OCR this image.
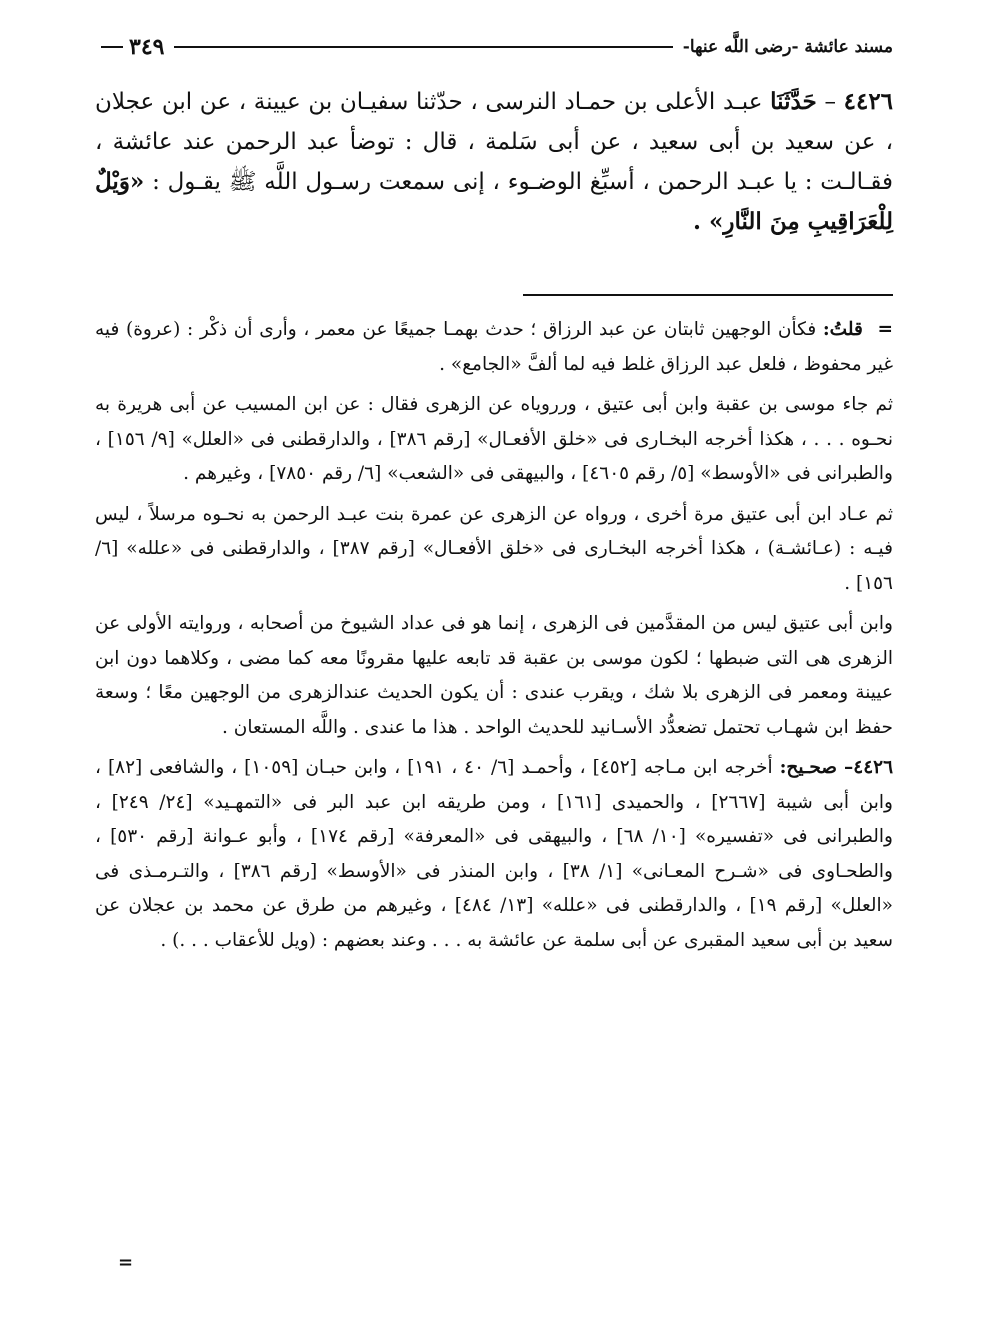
مسند عائشة -رضى اللَّه عنها-
٣٤٩
٤٤٢٦ – حَدَّثَنَا عبـد الأعلى بن حمـاد النرسى ، حدّثنا سفيـان بن عيينة ، عن ابن عجلان ، عن سعيد بن أبى سعيد ، عن أبى سَلمة ، قال : توضأ عبد الرحمن عند عائشة ، فقـالـت : يا عبـد الرحمن ، أسبِّغ الوضـوء ، إنى سمعت رسـول اللَّه ﷺ يقـول : «وَيْلٌ لِلْعَرَاقِيبِ مِنَ النَّارِ» .

= قلتُ: فكأن الوجهين ثابتان عن عبد الرزاق ؛ حدث بهمـا جميعًا عن معمر ، وأرى أن ذكْر : (عروة) فيه غير محفوظ ، فلعل عبد الرزاق غلط فيه لما ألفَّ «الجامع» .

ثم جاء موسى بن عقبة وابن أبى عتيق ، ورروياه عن الزهرى فقال : عن ابن المسيب عن أبى هريرة به نحـوه . . . ، هكذا أخرجه البخـارى فى «خلق الأفعـال» [رقم ٣٨٦] ، والدارقطنى فى «العلل» [٩/ ١٥٦] ، والطبرانى فى «الأوسط» [٥/ رقم ٤٦٠٥] ، والبيهقى فى «الشعب» [٦/ رقم ٧٨٥٠] ، وغيرهم .

ثم عـاد ابن أبى عتيق مرة أخرى ، ورواه عن الزهرى عن عمرة بنت عبـد الرحمن به نحـوه مرسلاً ، ليس فيـه : (عـائشـة) ، هكذا أخرجه البخـارى فى «خلق الأفعـال» [رقم ٣٨٧] ، والدارقطنى فى «علله» [٦/ ١٥٦] .

وابن أبى عتيق ليس من المقدَّمين فى الزهرى ، إنما هو فى عداد الشيوخ من أصحابه ، وروايته الأولى عن الزهرى هى التى ضبطها ؛ لكون موسى بن عقبة قد تابعه عليها مقرونًا معه كما مضى ، وكلاهما دون ابن عيينة ومعمر فى الزهرى بلا شك ، ويقرب عندى : أن يكون الحديث عندالزهرى من الوجهين معًا ؛ وسعة حفظ ابن شهـاب تحتمل تضعدُّد الأسـانيد للحديث الواحد . هذا ما عندى . واللَّه المستعان .

٤٤٢٦– صحـيح: أخرجه ابن مـاجه [٤٥٢] ، وأحمـد [٦/ ٤٠ ، ١٩١] ، وابن حبـان [١٠٥٩] ، والشافعى [٨٢] ، وابن أبى شيبة [٢٦٦٧] ، والحميدى [١٦١] ، ومن طريقه ابن عبد البر فى «التمهـيد» [٢٤/ ٢٤٩] ، والطبرانى فى «تفسيره» [١٠/ ٦٨] ، والبيهقى فى «المعرفة» [رقم ١٧٤] ، وأبو عـوانة [رقم ٥٣٠] ، والطحـاوى فى «شـرح المعـانى» [١/ ٣٨] ، وابن المنذر فى «الأوسط» [رقم ٣٨٦] ، والتـرمـذى فى «العلل» [رقم ١٩] ، والدارقطنى فى «علله» [١٣/ ٤٨٤] ، وغيرهم من طرق عن محمد بن عجلان عن سعيد بن أبى سعيد المقبرى عن أبى سلمة عن عائشة به . . . وعند بعضهم : (ويل للأعقاب . . .) .

=
